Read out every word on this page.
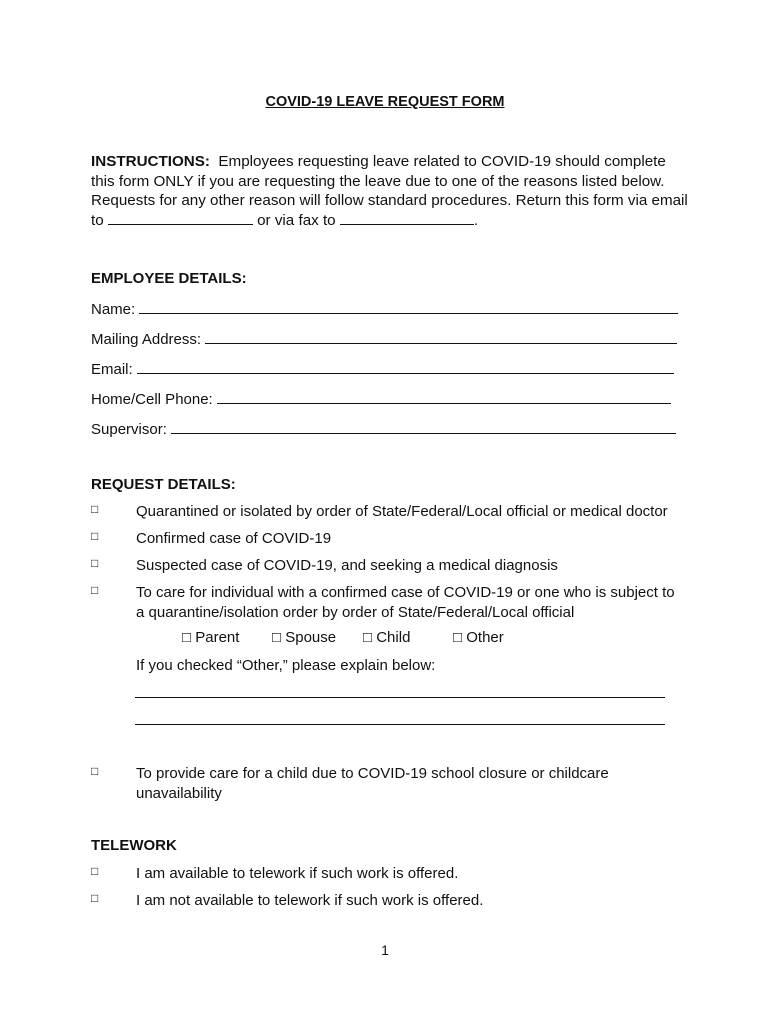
COVID-19 LEAVE REQUEST FORM
INSTRUCTIONS: Employees requesting leave related to COVID-19 should complete this form ONLY if you are requesting the leave due to one of the reasons listed below. Requests for any other reason will follow standard procedures. Return this form via email to	or via fax to	.
EMPLOYEE DETAILS:
Name:
Mailing Address:
Email:
Home/Cell Phone:
Supervisor:
REQUEST DETAILS:
□	Quarantined or isolated by order of State/Federal/Local official or medical doctor
□	Confirmed case of COVID-19
□	Suspected case of COVID-19, and seeking a medical diagnosis
□	To care for individual with a confirmed case of COVID-19 or one who is subject to a quarantine/isolation order by order of State/Federal/Local official
□ Parent	□ Spouse	□ Child	□ Other
If you checked “Other,” please explain below:
□	To provide care for a child due to COVID-19 school closure or childcare unavailability
TELEWORK
□	I am available to telework if such work is offered.
□	I am not available to telework if such work is offered.
1
